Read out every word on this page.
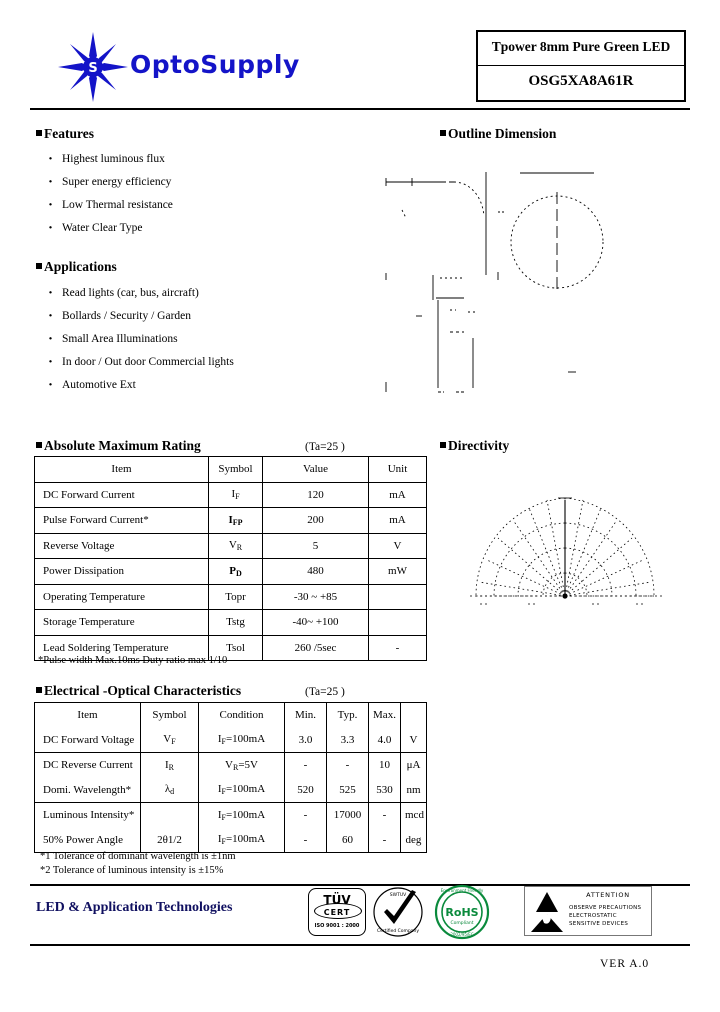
S OptoSupply
Tpower 8mm Pure Green LED
OSG5XA8A61R
Features
· Highest luminous flux
· Super energy efficiency
· Low Thermal resistance
· Water Clear Type
Applications
· Read lights (car, bus, aircraft)
· Bollards / Security / Garden
· Small Area Illuminations
· In door / Out door Commercial lights
· Automotive Ext
Outline Dimension
Absolute Maximum Rating	(Ta=25 )
Item	Symbol	Value	Unit
DC Forward Current	$I_F$	120	mA
Pulse Forward Current*	$I_{FP}$	200	mA
Reverse Voltage	$V_R$	5	V
Power Dissipation	$P_D$	480	mW
Operating Temperature	Topr	-30 ~ +85	
Storage Temperature	Tstg	-40~ +100	
Lead Soldering Temperature	Tsol	260 /5sec	-
*Pulse width Max.10ms Duty ratio max 1/10
Directivity
Electrical -Optical Characteristics	(Ta=25 )
Item	Symbol	Condition	Min.	Typ.	Max.	
DC Forward Voltage	$V_F$	$I_F=100mA$	3.0	3.3	4.0	V
DC Reverse Current	$I_R$	$V_R=5V$	-	-	10	μA
Domi. Wavelength*	$\lambda_d$	$I_F=100mA$	520	525	530	nm
Luminous Intensity*		$I_F=100mA$	-	17000	-	mcd
50% Power Angle	2θ1/2	$I_F=100mA$	-	60	-	deg
*1 Tolerance of dominant wavelength is ±1nm
*2 Tolerance of luminous intensity is ±15%
LED & Application Technologies	TÜV
CERT
ISO 9001 : 2000
SWTUV
Certified Company
RoHS
Environment Friendly
2002/95/EC
Compliant
ATTENTION
OBSERVE PRECAUTIONS
ELECTROSTATIC
SENSITIVE DEVICES
VER A.0
